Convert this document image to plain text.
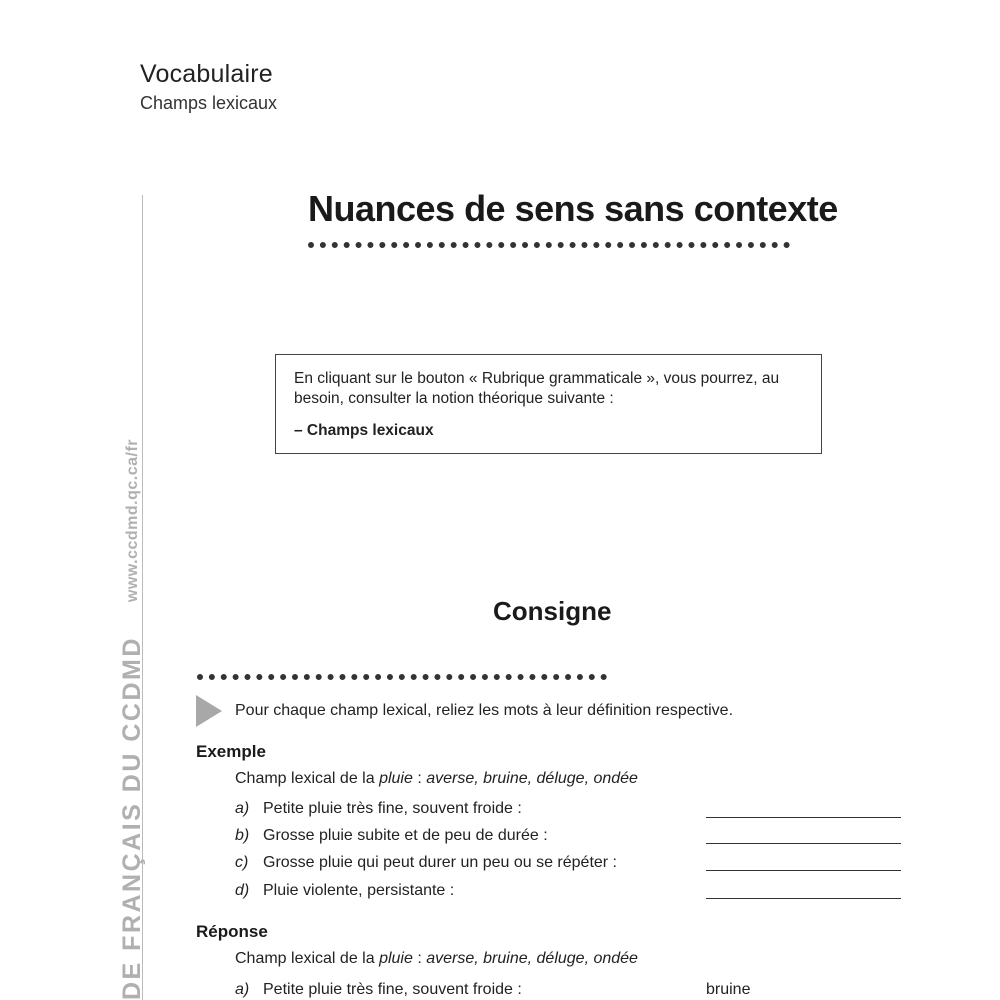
Vocabulaire
Champs lexicaux
DE FRANÇAIS DU CCDMDwww.ccdmd.qc.ca/fr
Nuances de sens sans contexte
En cliquant sur le bouton « Rubrique grammaticale », vous pourrez, au besoin, consulter la notion théorique suivante :
– Champs lexicaux
Consigne
Pour chaque champ lexical, reliez les mots à leur définition respective.
Exemple
Champ lexical de la pluie : averse, bruine, déluge, ondée
a) Petite pluie très fine, souvent froide :
b) Grosse pluie subite et de peu de durée :
c) Grosse pluie qui peut durer un peu ou se répéter :
d) Pluie violente, persistante :
Réponse
Champ lexical de la pluie : averse, bruine, déluge, ondée
a) Petite pluie très fine, souvent froide :	bruine
